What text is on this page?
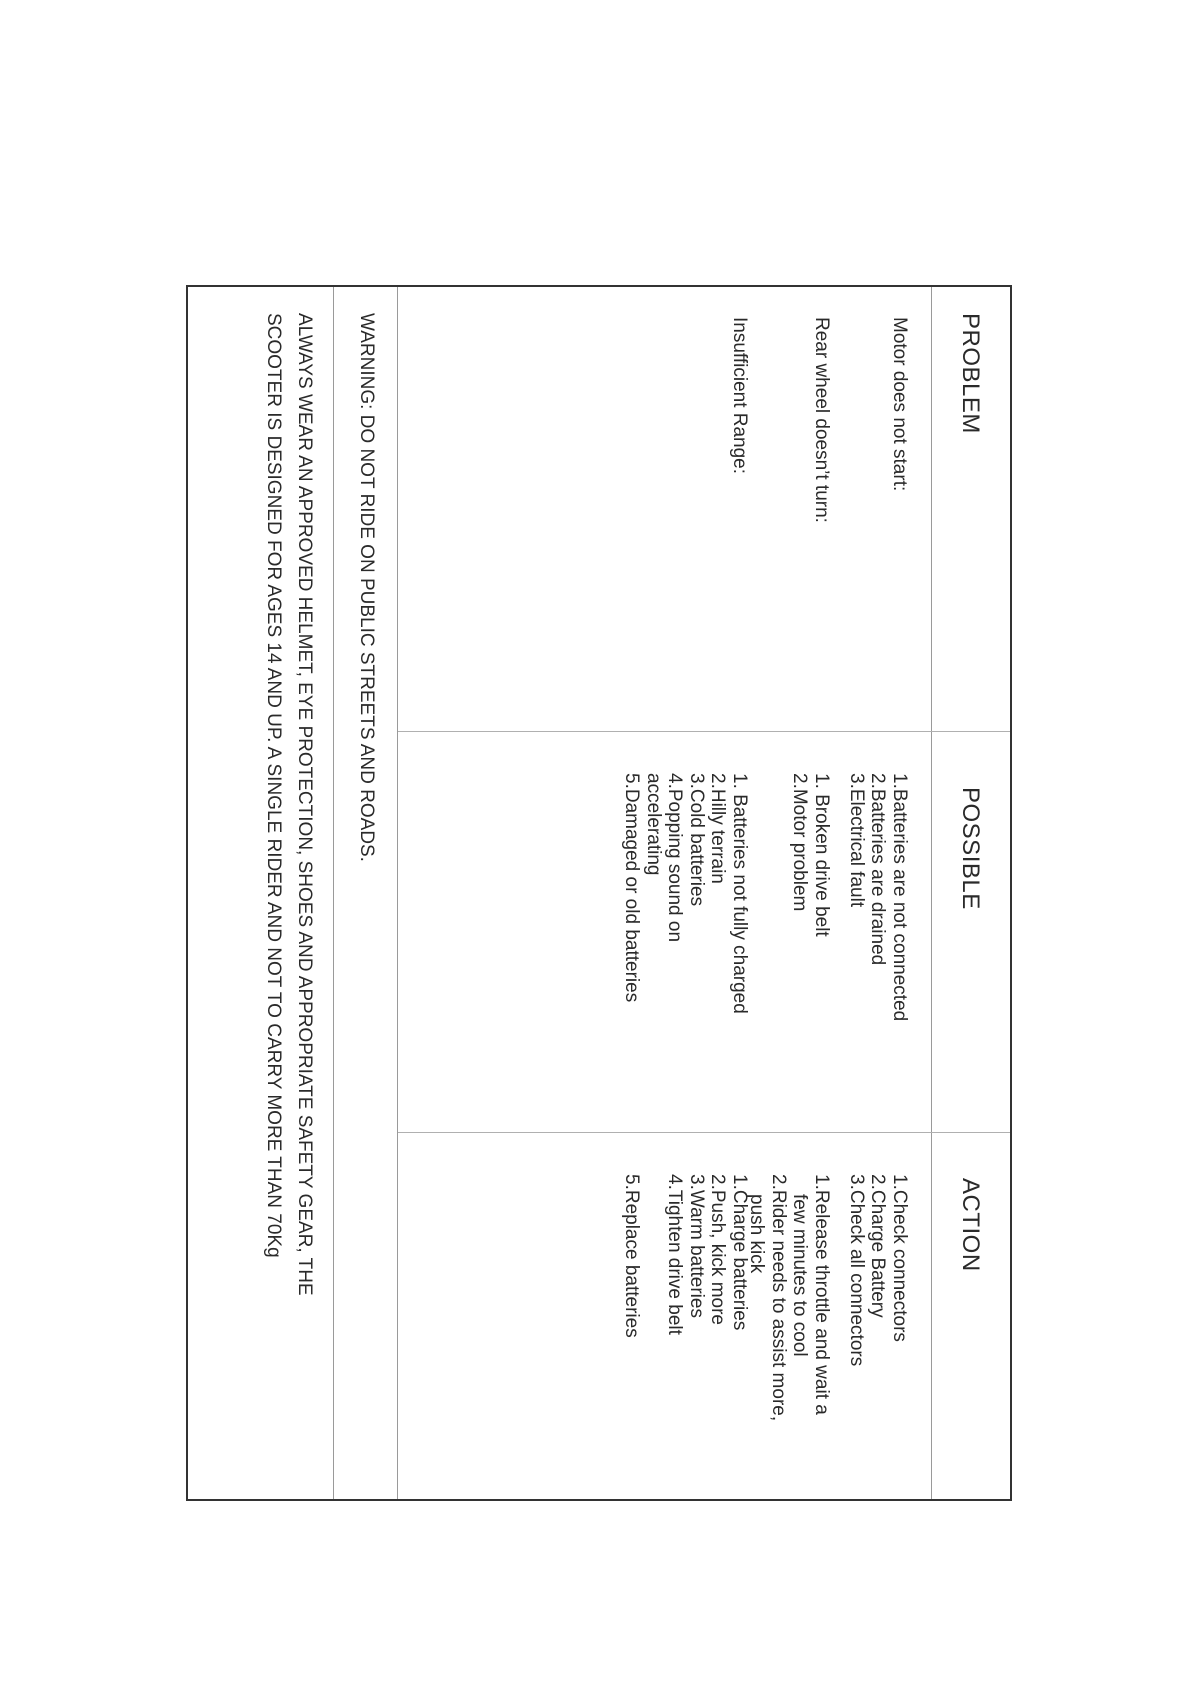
PROBLEM
POSSIBLE
ACTION
Motor does not start:
1.Batteries are not connected
2.Batteries are drained
3.Electrical fault
1.Check connectors
2.Charge Battery
3.Check all connectors
Rear wheel doesn’t turn:
1. Broken drive belt
2.Motor problem
1.Release throttle and wait a
few minutes to cool
2.Rider needs to assist more,
push kick
Insufficient Range:
1. Batteries not fully charged
2.Hilly terrain
3.Cold batteries
4.Popping sound on
accelerating
5.Damaged or old batteries
1.Charge batteries
2.Push, kick more
3.Warm batteries
4.Tighten drive belt

5.Replace batteries
WARNING: DO NOT RIDE ON PUBLIC STREETS AND ROADS.
ALWAYS WEAR AN APPROVED HELMET, EYE PROTECTION, SHOES AND APPROPRIATE SAFETY GEAR, THE
SCOOTER IS DESIGNED FOR AGES 14 AND UP. A SINGLE RIDER AND NOT TO CARRY MORE THAN 70Kg
